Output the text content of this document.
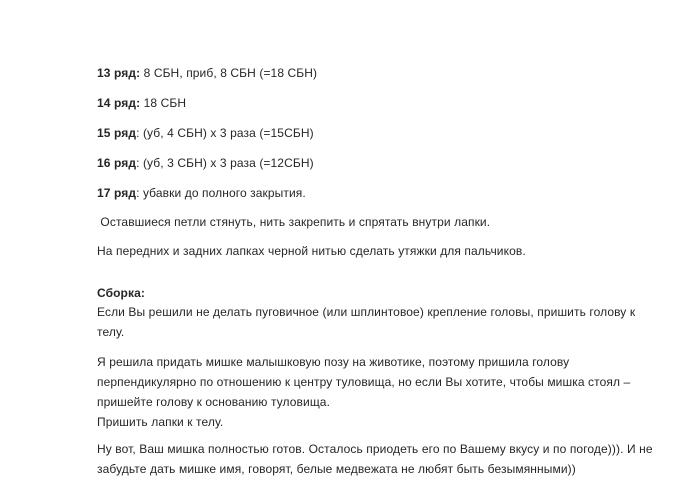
13 ряд: 8 СБН, приб, 8 СБН (=18 СБН)
14 ряд: 18 СБН
15 ряд: (уб, 4 СБН) х 3 раза (=15СБН)
16 ряд: (уб, 3 СБН) х 3 раза (=12СБН)
17 ряд: убавки до полного закрытия.
Оставшиеся петли стянуть, нить закрепить и спрятать внутри лапки.
На передних и задних лапках черной нитью сделать утяжки для пальчиков.
Сборка:
Если Вы решили не делать пуговичное (или шплинтовое) крепление головы, пришить голову к
телу.
Я решила придать мишке малышковую позу на животике, поэтому пришила голову
перпендикулярно по отношению к центру туловища, но если Вы хотите, чтобы мишка стоял –
пришейте голову к основанию туловища.
Пришить лапки к телу.
Ну вот, Ваш мишка полностью готов. Осталось приодеть его по Вашему вкусу и по погоде))). И не
забудьте дать мишке имя, говорят, белые медвежата не любят быть безымянными))
